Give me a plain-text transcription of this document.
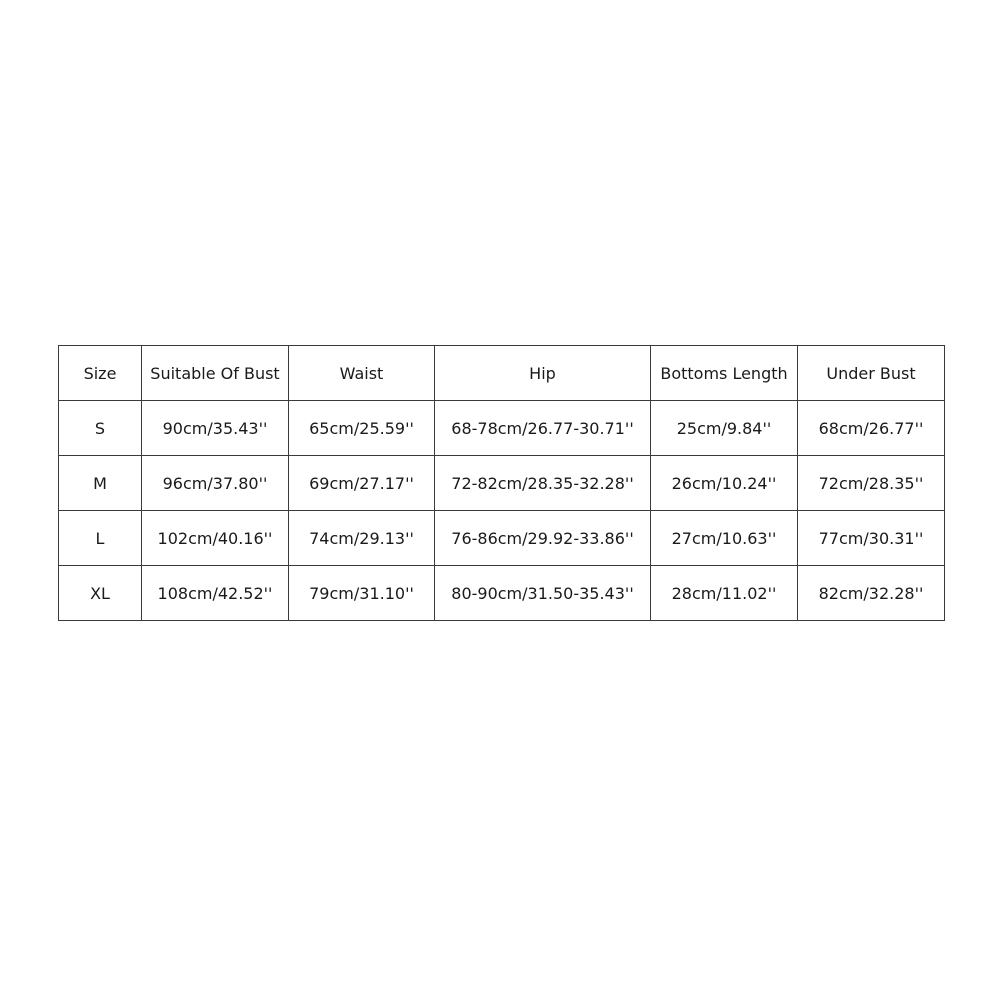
Size	Suitable Of Bust	Waist	Hip	Bottoms Length	Under Bust
S	90cm/35.43''	65cm/25.59''	68-78cm/26.77-30.71''	25cm/9.84''	68cm/26.77''
M	96cm/37.80''	69cm/27.17''	72-82cm/28.35-32.28''	26cm/10.24''	72cm/28.35''
L	102cm/40.16''	74cm/29.13''	76-86cm/29.92-33.86''	27cm/10.63''	77cm/30.31''
XL	108cm/42.52''	79cm/31.10''	80-90cm/31.50-35.43''	28cm/11.02''	82cm/32.28''
